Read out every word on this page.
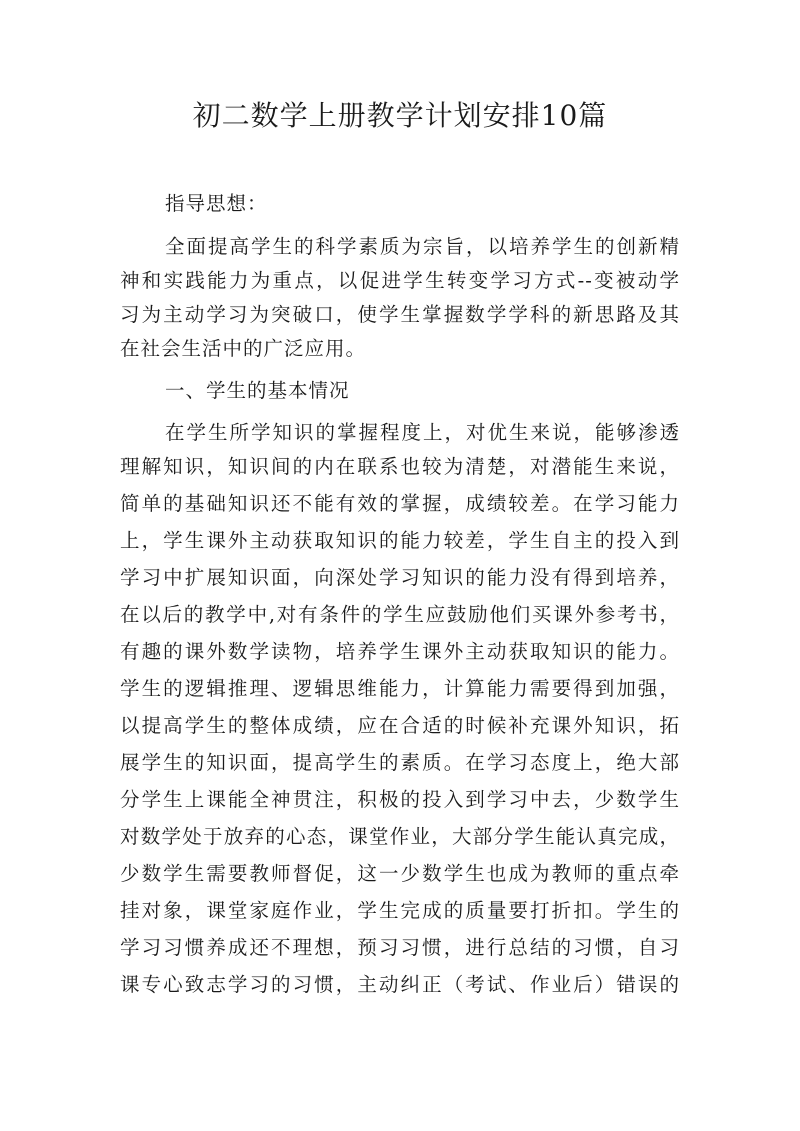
初二数学上册教学计划安排10篇
指导思想：
全面提高学生的科学素质为宗旨，以培养学生的创新精
神和实践能力为重点，以促进学生转变学习方式--变被动学
习为主动学习为突破口，使学生掌握数学学科的新思路及其
在社会生活中的广泛应用。
一、学生的基本情况
在学生所学知识的掌握程度上，对优生来说，能够渗透
理解知识，知识间的内在联系也较为清楚，对潜能生来说，
简单的基础知识还不能有效的掌握，成绩较差。在学习能力
上，学生课外主动获取知识的能力较差，学生自主的投入到
学习中扩展知识面，向深处学习知识的能力没有得到培养，
在以后的教学中,对有条件的学生应鼓励他们买课外参考书，
有趣的课外数学读物，培养学生课外主动获取知识的能力。
学生的逻辑推理、逻辑思维能力，计算能力需要得到加强，
以提高学生的整体成绩，应在合适的时候补充课外知识，拓
展学生的知识面，提高学生的素质。在学习态度上，绝大部
分学生上课能全神贯注，积极的投入到学习中去，少数学生
对数学处于放弃的心态，课堂作业，大部分学生能认真完成，
少数学生需要教师督促，这一少数学生也成为教师的重点牵
挂对象，课堂家庭作业，学生完成的质量要打折扣。学生的
学习习惯养成还不理想，预习习惯，进行总结的习惯，自习
课专心致志学习的习惯，主动纠正（考试、作业后）错误的
